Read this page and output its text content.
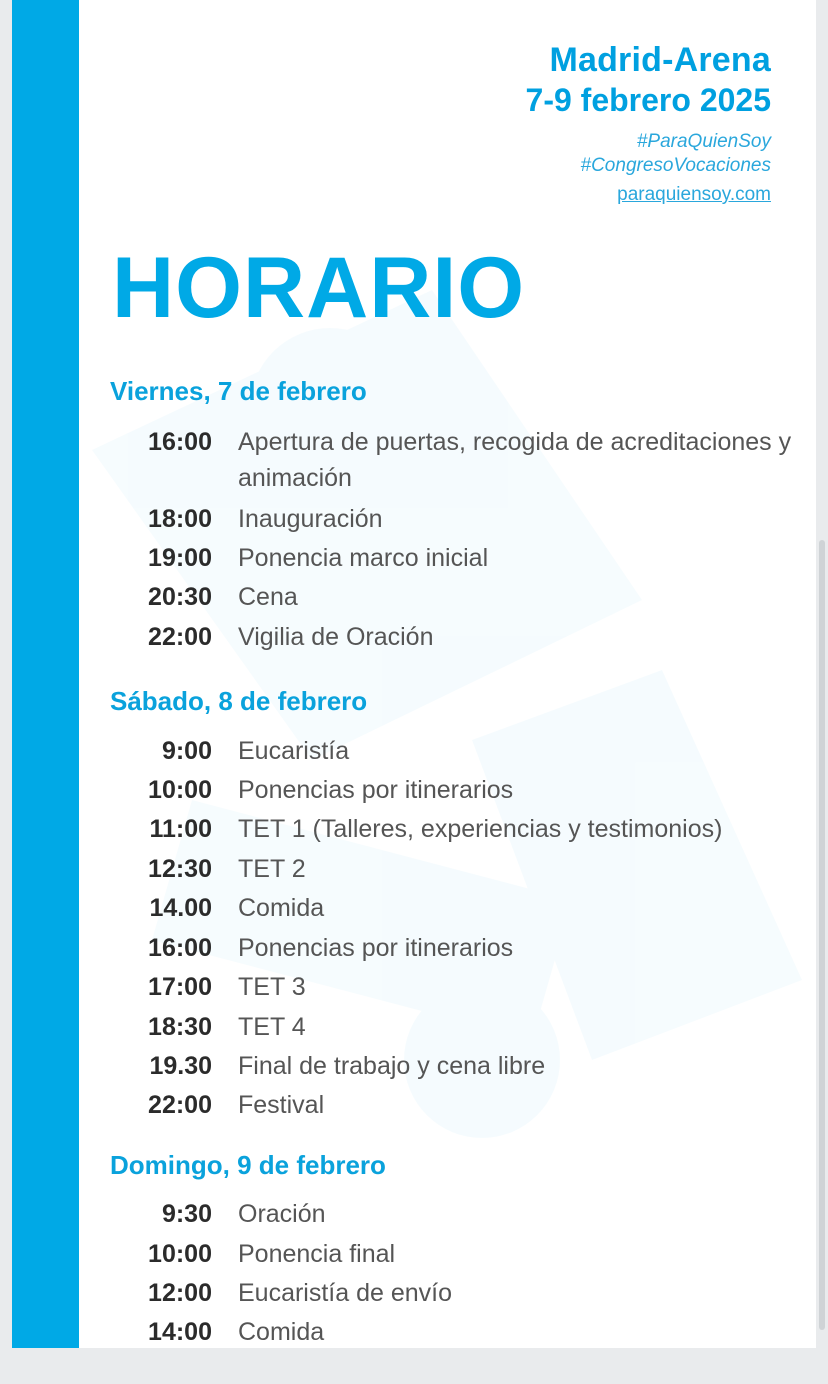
Madrid-Arena
7-9 febrero 2025
#ParaQuienSoy
#CongresoVocaciones
paraquiensoy.com
HORARIO
Viernes, 7 de febrero
16:00 Apertura de puertas, recogida de acreditaciones y animación
18:00 Inauguración
19:00 Ponencia marco inicial
20:30 Cena
22:00 Vigilia de Oración
Sábado, 8 de febrero
9:00 Eucaristía
10:00 Ponencias por itinerarios
11:00 TET 1 (Talleres, experiencias y testimonios)
12:30 TET 2
14.00 Comida
16:00 Ponencias por itinerarios
17:00 TET 3
18:30 TET 4
19.30 Final de trabajo y cena libre
22:00 Festival
Domingo, 9 de febrero
9:30 Oración
10:00 Ponencia final
12:00 Eucaristía de envío
14:00 Comida
